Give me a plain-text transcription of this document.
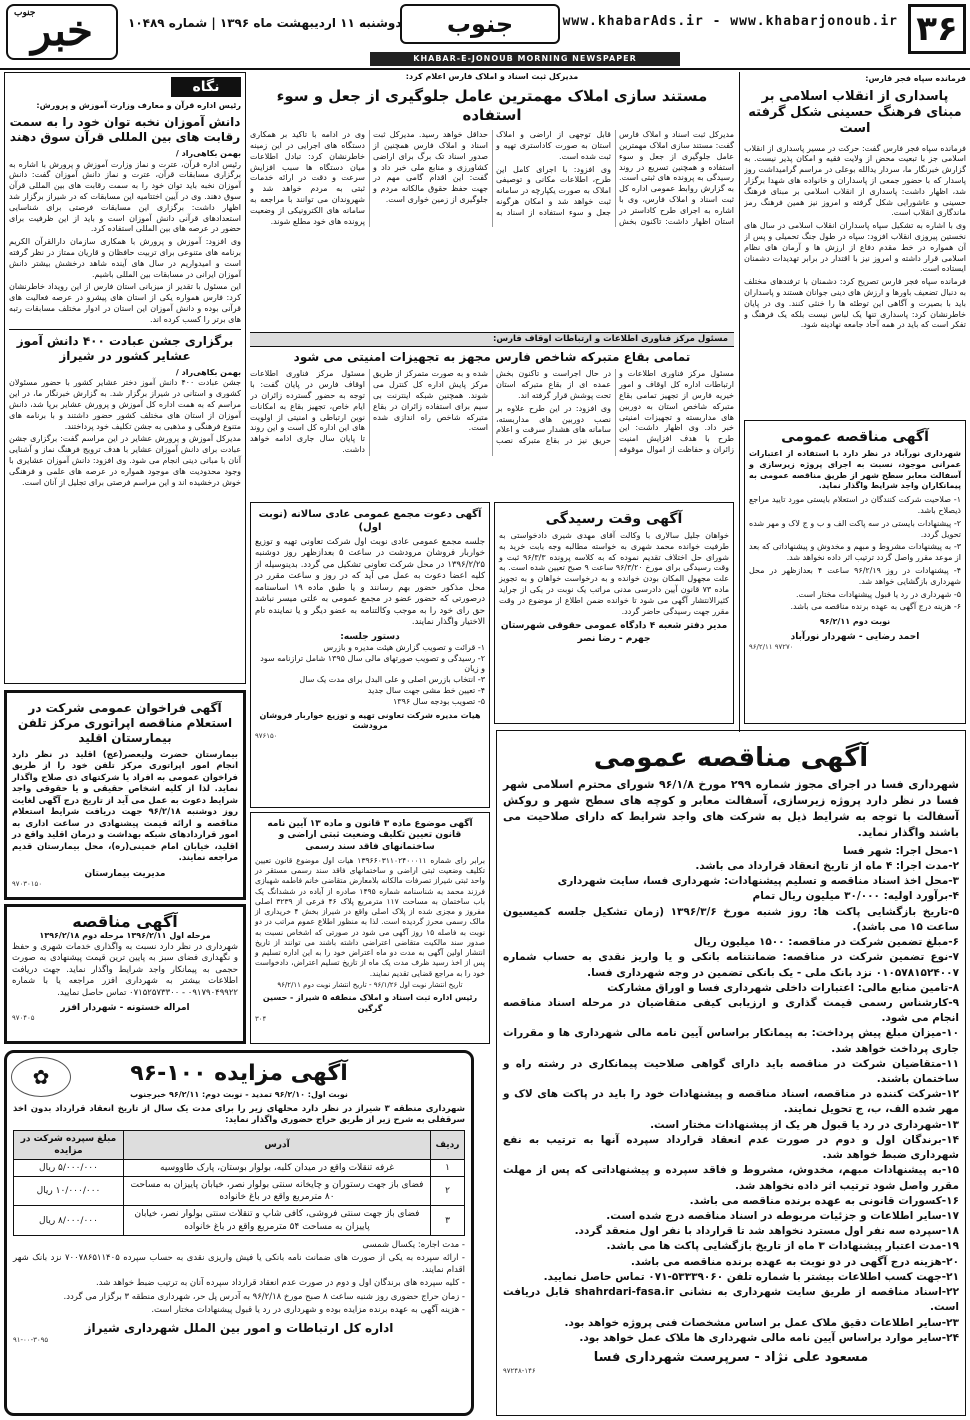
۳۶
www.khabarAds.ir - www.khabarjonoub.ir
جنوب
دوشنبه ۱۱ اردیبهشت ماه ۱۳۹۶ | شماره ۱۰۴۸۹
جنوب
خبر
KHABAR-E-JONOUB MORNING NEWSPAPER
فرمانده سپاه فجر فارس:
پاسداری از انقلاب اسلامی بر مبنای فرهنگ حسینی شکل گرفته است

فرمانده سپاه فجر فارس گفت: حرکت در مسیر پاسداری از انقلاب اسلامی جز با تبعیت محض از ولایت فقیه و امکان پذیر نیست. به گزارش خبرنگار ما، سردار یدالله بوعلی در مراسم گرامیداشت روز پاسدار که با حضور جمعی از پاسداران و خانواده های شهدا برگزار شد، اظهار داشت: پاسداری از انقلاب اسلامی بر مبنای فرهنگ حسینی و عاشورایی شکل گرفته و امروز نیز همین فرهنگ رمز ماندگاری انقلاب است.

وی با اشاره به تشکیل سپاه پاسداران انقلاب اسلامی در سال های نخستین پیروزی انقلاب افزود: سپاه در طول جنگ تحمیلی و پس از آن همواره در خط مقدم دفاع از ارزش ها و آرمان های نظام اسلامی قرار داشته و امروز نیز با اقتدار در برابر تهدیدات دشمنان ایستاده است.

فرمانده سپاه فجر فارس تصریح کرد: دشمنان با ترفندهای مختلف به دنبال تضعیف باورها و ارزش های دینی جوانان هستند و پاسداران باید با بصیرت و آگاهی این توطئه ها را خنثی کنند. وی در پایان خاطرنشان کرد: پاسداری تنها یک لباس نیست بلکه یک فرهنگ و تفکر است که باید در همه آحاد جامعه نهادینه شود.

آگهی مناقصه عمومی
شهرداری نورآباد در نظر دارد با استفاده از اعتبارات عمرانی موجود، نسبت به اجرای پروژه زیرسازی و آسفالت معابر سطح شهر از طریق مناقصه عمومی به پیمانکاران واجد شرایط واگذار نماید.

۱- صلاحیت شرکت کنندگان در استعلام بایستی مورد تایید مراجع ذیصلاح باشد.

۲- پیشنهادات بایستی در سه پاکت الف و ب و ج لاک و مهر شده تحویل گردد.

۳- به پیشنهادات مشروط و مبهم و مخدوش و پیشنهاداتی که بعد از موعد مقرر واصل گردد ترتیب اثر داده نخواهد شد.

۴- پیشنهادات در روز ۹۶/۲/۱۹ ساعت ۴ بعدازظهر در محل شهرداری بازگشایی خواهد شد.

۵- شهرداری در رد یا قبول پیشنهادات مختار است.

۶- هزینه درج آگهی به عهده برنده مناقصه می باشد.

نوبت دوم ۹۶/۲/۱۱
احمد رضایی - شهردار نورآباد
۹۶/۲/۱۱ ۹۷۲۷۰
مدیرکل ثبت اسناد و املاک فارس اعلام کرد:
مستند سازی املاک مهمترین عامل جلوگیری از جعل و سوء استفاده

مدیرکل ثبت اسناد و املاک فارس گفت: مستند سازی املاک مهمترین عامل جلوگیری از جعل و سوء استفاده و همچنین تسریع در روند رسیدگی به پرونده های ثبتی است. به گزارش روابط عمومی اداره کل ثبت اسناد و املاک فارس، وی با اشاره به اجرای طرح کاداستر در استان اظهار داشت: تاکنون بخش قابل توجهی از اراضی و املاک استان به صورت کاداستری تهیه و ثبت شده است.

وی افزود: با اجرای کامل این طرح، اطلاعات مکانی و توصیفی املاک به صورت یکپارچه در سامانه ثبت خواهد شد و امکان هرگونه جعل و سوء استفاده از اسناد به حداقل خواهد رسید. مدیرکل ثبت اسناد و املاک فارس همچنین از صدور اسناد تک برگ برای اراضی کشاورزی و منابع ملی خبر داد و گفت: این اقدام گامی مهم در جهت حفظ حقوق مالکانه مردم و جلوگیری از زمین خواری است.

وی در ادامه با تاکید بر همکاری دستگاه های اجرایی در این زمینه خاطرنشان کرد: تبادل اطلاعات میان دستگاه ها سبب افزایش سرعت و دقت در ارائه خدمات ثبتی به مردم خواهد شد و شهروندان می توانند با مراجعه به سامانه های الکترونیکی از وضعیت پرونده های خود مطلع شوند.

مسئول مرکز فناوری اطلاعات و ارتباطات اوقاف فارس:
تمامی بقاع متبرکه شاخص فارس مجهز به تجهیزات امنیتی می شود

مسئول مرکز فناوری اطلاعات و ارتباطات اداره کل اوقاف و امور خیریه فارس از تجهیز تمامی بقاع متبرکه شاخص استان به دوربین های مداربسته و تجهیزات امنیتی خبر داد. وی اظهار داشت: این طرح با هدف افزایش امنیت زائران و حفاظت از اموال موقوفه در حال اجراست و تاکنون بخش عمده ای از بقاع متبرکه استان تحت پوشش قرار گرفته اند.

وی افزود: در این طرح علاوه بر نصب دوربین های مداربسته، سامانه های هشدار سرقت و اعلام حریق نیز در بقاع متبرکه نصب شده و به صورت متمرکز از طریق مرکز پایش اداره کل کنترل می شوند. همچنین شبکه اینترنت بی سیم برای استفاده زائران در بقاع متبرکه شاخص راه اندازی شده است.

مسئول مرکز فناوری اطلاعات اوقاف فارس در پایان گفت: با توجه به حضور گسترده زائران در ایام خاص، تجهیز بقاع به امکانات نوین ارتباطی و امنیتی از اولویت های این اداره کل است و این روند تا پایان سال جاری ادامه خواهد داشت.

آگهی وقت رسیدگی
خواهان جلیل سالاری با وکالت آقای مهدی شیری دادخواستی به طرفیت خوانده محمد شهری به خواسته مطالبه وجه بابت خرید به شورای حل اختلاف تقدیم نموده که به کلاسه پرونده ۹۶/۳/۳ ثبت و وقت رسیدگی برای مورخ ۹۶/۳/۲۰ ساعت ۹ صبح تعیین شده است. به علت مجهول المکان بودن خوانده و به درخواست خواهان و به تجویز ماده ۷۳ قانون آیین دادرسی مدنی مراتب یک نوبت در یکی از جراید کثیرالانتشار آگهی می شود تا خوانده ضمن اطلاع از موضوع در وقت مقرر جهت رسیدگی حاضر گردد.
مدیر دفتر شعبه ۴ دادگاه عمومی حقوقی شهرستان جهرم - رضا نصر
آگهی دعوت مجمع عمومی عادی سالانه (نوبت اول)
جلسه مجمع عمومی عادی نوبت اول شرکت تعاونی تهیه و توزیع خواربار فروشان مرودشت در ساعت ۵ بعدازظهر روز دوشنبه ۱۳۹۶/۲/۲۵ در محل شرکت تعاونی تشکیل می گردد. بدینوسیله از کلیه اعضا دعوت به عمل می آید که در روز و ساعت مقرر در محل مذکور حضور بهم رسانند و یا طبق ماده ۱۹ اساسنامه درصورتی که حضور عضو در مجمع عمومی به علتی میسر نباشد حق رای خود را به موجب وکالتنامه به عضو دیگر و یا نماینده تام الاختیار واگذار نمایند.
دستور جلسه:

۱- قرائت و تصویب گزارش هیئت مدیره و بازرس

۲- رسیدگی و تصویب صورتهای مالی سال ۱۳۹۵ شامل ترازنامه سود و زیان

۳- انتخاب بازرس اصلی و علی البدل برای مدت یک سال

۴- تعیین خط مشی جهت سال جدید

۵- تصویب بودجه سال ۱۳۹۶

هیات مدیره شرکت تعاونی تهیه و توزیع خواربار فروشان مرودشت
۹۷۶۱۵۰
آگهی موضوع ماده ۳ قانون و ماده ۱۳ آیین نامه قانون تعیین تکلیف وضعیت ثبتی اراضی و ساختمانهای فاقد سند رسمی
برابر رای شماره ۱۳۹۶۶۰۳۱۱۰۲۴۰۰۰۱۱ هیات اول موضوع قانون تعیین تکلیف وضعیت ثبتی اراضی و ساختمانهای فاقد سند رسمی مستقر در واحد ثبتی شیراز تصرفات مالکانه بلامعارض متقاضی خانم فاطمه شهبازی فرزند محمد به شناسنامه شماره ۱۴۹۵ صادره از آباده در ششدانگ یک باب ساختمان به مساحت ۱۱۷ مترمربع پلاک ۴۶ فرعی از ۳۲۳۹ اصلی مفروز و مجزی شده از پلاک اصلی واقع در شیراز بخش ۴ خریداری از مالک رسمی محرز گردیده است. لذا به منظور اطلاع عموم مراتب در دو نوبت به فاصله ۱۵ روز آگهی می شود در صورتی که اشخاص نسبت به صدور سند مالکیت متقاضی اعتراضی داشته باشند می توانند از تاریخ انتشار اولین آگهی به مدت دو ماه اعتراض خود را به این اداره تسلیم و پس از اخذ رسید ظرف مدت یک ماه از تاریخ تسلیم اعتراض، دادخواست خود را به مراجع قضایی تقدیم نمایند.
تاریخ انتشار نوبت اول ۹۶/۱/۲۶ - تاریخ انتشار نوبت دوم ۹۶/۲/۱۱
رئیس اداره ثبت اسناد و املاک منطقه ۵ شیراز - حسین گرگین
۳۰۴
نگاه
رئیس اداره قرآن و معارف وزارت آموزش و پرورش:
دانش آموزان نخبه توان خود را به سمت رقابت های بین المللی قرآن سوق دهند
بهمن بکاهی‌راد /

رئیس اداره قرآن، عترت و نماز وزارت آموزش و پرورش با اشاره به برگزاری مسابقات قرآن، عترت و نماز دانش آموزان گفت: دانش آموزان نخبه باید توان خود را به سمت رقابت های بین المللی قرآن سوق دهند. وی در آیین اختتامیه این مسابقات که در شیراز برگزار شد اظهار داشت: برگزاری این مسابقات فرصتی برای شناسایی استعدادهای قرآنی دانش آموزان است و باید از این ظرفیت برای حضور در عرصه های بین المللی استفاده کرد.

وی افزود: آموزش و پرورش با همکاری سازمان دارالقرآن الکریم برنامه های متنوعی برای تربیت حافظان و قاریان ممتاز در نظر گرفته است و امیدواریم در سال های آینده شاهد درخشش بیشتر دانش آموزان ایرانی در مسابقات بین المللی باشیم.

این مسئول با تقدیر از میزبانی استان فارس از این رویداد خاطرنشان کرد: فارس همواره یکی از استان های پیشرو در عرصه فعالیت های قرآنی بوده و دانش آموزان این استان در ادوار مختلف مسابقات رتبه های برتر را کسب کرده اند.

برگزاری جشن عبادت ۴۰۰ دانش آموز عشایر کشور در شیراز
بهمن بکاهی‌راد /

جشن عبادت ۴۰۰ دانش آموز دختر عشایر کشور با حضور مسئولان کشوری و استانی در شیراز برگزار شد. به گزارش خبرنگار ما، در این مراسم که به همت اداره کل آموزش و پرورش عشایر برپا شد، دانش آموزان از استان های مختلف کشور حضور داشتند و با برنامه های متنوع فرهنگی و مذهبی به جشن تکلیف خود پرداختند.

مدیرکل آموزش و پرورش عشایر در این مراسم گفت: برگزاری جشن عبادت برای دانش آموزان عشایر با هدف ترویج فرهنگ نماز و آشنایی آنان با مبانی دینی انجام می شود. وی افزود: دانش آموزان عشایری با وجود محدودیت های موجود همواره در عرصه های علمی و فرهنگی خوش درخشیده اند و این مراسم فرصتی برای تجلیل از آنان است.

آگهی فراخوان عمومی شرکت در استعلام مناقصه اپراتوری مرکز تلفن بیمارستان اقلید
بیمارستان حضرت ولیعصر(عج) اقلید در نظر دارد انجام امور اپراتوری مرکز تلفن خود را از طریق فراخوان عمومی به افراد یا شرکتهای ذی صلاح واگذار نماید. لذا از کلیه اشخاص حقیقی و یا حقوقی واجد شرایط دعوت به عمل می آید از تاریخ درج آگهی لغایت روز دوشنبه ۹۶/۲/۱۸ جهت دریافت شرایط استعلام مناقصه و ارائه قیمت پیشنهادی در ساعت اداری به امور قراردادهای شبکه بهداشت و درمان اقلید واقع در اقلید، خیابان امام خمینی(ره)، محل بیمارستان قدیم مراجعه نمایند.
مدیریت بیمارستان
۹۷۰۳۰۱۵۰
آگهی مناقصه
مرحله اول ۱۳۹۶/۲/۱۱ مرحله دوم ۱۳۹۶/۲/۱۸
شهرداری در نظر دارد نسبت به واگذاری خدمات شهری و حفظ و نگهداری فضای سبز به پایین ترین قیمت پیشنهادی به صورت حجمی به پیمانکار واجد شرایط واگذار نماید. جهت دریافت اطلاعات بیشتر به شهرداری افزر مراجعه یا با شماره ۰۹۱۷۹۰۴۹۹۲۲ - ۰۷۱۵۲۵۷۳۳۰۰ تماس حاصل نمایید.
امراله خستونه - شهردار افزر
۹۷۰۴۰۵
آگهی مناقصه عمومی
شهرداری فسا در اجرای مجوز شماره ۲۹۹ مورخ ۹۶/۱/۸ شورای محترم اسلامی شهر فسا در نظر دارد پروژه زیرسازی، آسفالت معابر و کوچه های سطح شهر و روکش آسفالت با توجه به شرایط ذیل به شرکت های واجد شرایط که دارای صلاحیت می باشند واگذار نماید.

۱-محل اجرا: شهر فسا

۲-مدت اجرا: ۴ ماه از تاریخ انعقاد قرارداد می باشد.

۳-محل اخذ اسناد مناقصه و تسلیم پیشنهادات: شهرداری فسا، سایت شهرداری

۴-برآورد اولیه: ۳۰/۰۰۰ میلیون ریال تمام

۵-تاریخ بازگشایی پاکت ها: روز شنبه مورخ ۱۳۹۶/۳/۶ (زمان تشکیل جلسه کمیسیون ساعت ۱۵ می باشد).

۶-مبلغ تضمین شرکت در مناقصه: ۱۵۰۰ میلیون ریال

۷-نوع تضمین شرکت در مناقصه: ضمانتنامه بانکی و یا واریز نقدی به حساب شماره ۰۱۰۵۷۸۱۵۲۴۰۰۷ نزد بانک ملی - یک بانکی تضمین در وجه شهرداری فسا.

۸-تامین منابع مالی: اعتبارات داخلی شهرداری فسا و اوراق مشارکت

۹-کارشناس رسمی قیمت گذاری و ارزیابی کیفی متقاضیان در مرحله اسناد مناقصه انجام می شود.

۱۰-میزان مبلغ پیش پرداخت: به پیمانکار براساس آیین نامه مالی شهرداری ها و مقررات جاری پرداخت خواهد شد.

۱۱-متقاضیان شرکت در مناقصه باید دارای گواهی صلاحیت پیمانکاری در رشته راه و ساختمان باشند.

۱۲-شرکت کننده در مناقصه، اسناد مناقصه و پیشنهادات خود را باید در پاکت های لاک و مهر شده الف، ب، ج تحویل نمایند.

۱۳-شهرداری در رد یا قبول هر یک از پیشنهادات مختار است.

۱۴-برندگان اول و دوم در صورت عدم انعقاد قرارداد سپرده آنها به ترتیب به نفع شهرداری ضبط خواهد شد.

۱۵-به پیشنهادات مبهم، مخدوش، مشروط و فاقد سپرده و پیشنهاداتی که پس از مهلت مقرر واصل شود ترتیب اثر داده نخواهد شد.

۱۶-کسورات قانونی به عهده برنده مناقصه می باشد.

۱۷-سایر اطلاعات و جزئیات مربوطه در اسناد مناقصه درج شده است.

۱۸-سپرده سه نفر اول مسترد نخواهد شد تا قرارداد با نفر اول منعقد گردد.

۱۹-مدت اعتبار پیشنهادات ۳ ماه از تاریخ بازگشایی پاکت ها می باشد.

۲۰-هزینه درج آگهی در دو نوبت به عهده برنده مناقصه می باشد.

۲۱-جهت کسب اطلاعات بیشتر با شماره تلفن ۵۳۳۳۹۰۶۰-۰۷۱ تماس حاصل نمایید.

۲۲-اسناد مناقصه از طریق سایت شهرداری به نشانی shahrdari-fasa.ir قابل دریافت است.

۲۳-سایر اطلاعات دقیق ملاک عمل بر اساس مشخصات فنی پروژه خواهد بود.

۲۴-سایر موارد براساس آیین نامه مالی شهرداری ها ملاک عمل خواهد بود.

مسعود علی نژاد - سرپرست شهرداری فسا
۹۷۲۴۸-۱۴۶
✿	آگهی مزایده ۱۰۰-۹۶
نوبت اول: ۹۶/۲/۱۰ تمدید - نوبت دوم: ۹۶/۲/۱۱ خبرجنوب
شهرداری منطقه ۳ شیراز در نظر دارد محلهای زیر را برای مدت یک سال از تاریخ انعقاد قرارداد بدون اخذ سرقفلی به شرح زیر از طریق حراج حضوری واگذار نماید:
ردیف	آدرس	مبلغ سپرده شرکت در مزایده
۱	غرفه تنقلات واقع در میدان کلبه، بولوار بوستان، پارک طاووسیه	۵/۰۰۰/۰۰۰ ریال
۲	فضای باز جهت رستوران و چایخانه سنتی بولوار نصر، خیابان پاییزان به مساحت ۸۰ مترمربع واقع در باغ خانواده	۱۰/۰۰۰/۰۰۰ ریال
۳	فضای باز جهت سنتی فروشی، کافی شاپ و تنقلات سنتی بولوار نصر، خیابان پاییزان به مساحت ۵۴ مترمربع واقع در باغ خانواده	۸/۰۰۰/۰۰۰ ریال

- مدت اجاره: یکسال شمسی

- ارائه سپرده به یکی از صورت های ضمانت نامه بانکی یا فیش واریزی نقدی به حساب سپرده ۷۰۰۷۸۶۵۱۱۴۰۵ نزد بانک شهر اقدام نمایند.

- کلیه سپرده های برندگان اول و دوم در صورت عدم انعقاد قرارداد سپرده آنان به ترتیب ضبط خواهد شد.

- زمان حراج حضوری روز شنبه ساعت ۸ صبح مورخ ۹۶/۲/۱۸ به آدرس پل حر، شهرداری منطقه ۳ برگزار می گردد.

- هزینه آگهی به عهده برنده مزایده بوده و شهرداری در رد یا قبول پیشنهادات مختار است.

اداره کل ارتباطات و امور بین الملل شهرداری شیراز
۹۱-۰۰-۳۰۹۵
